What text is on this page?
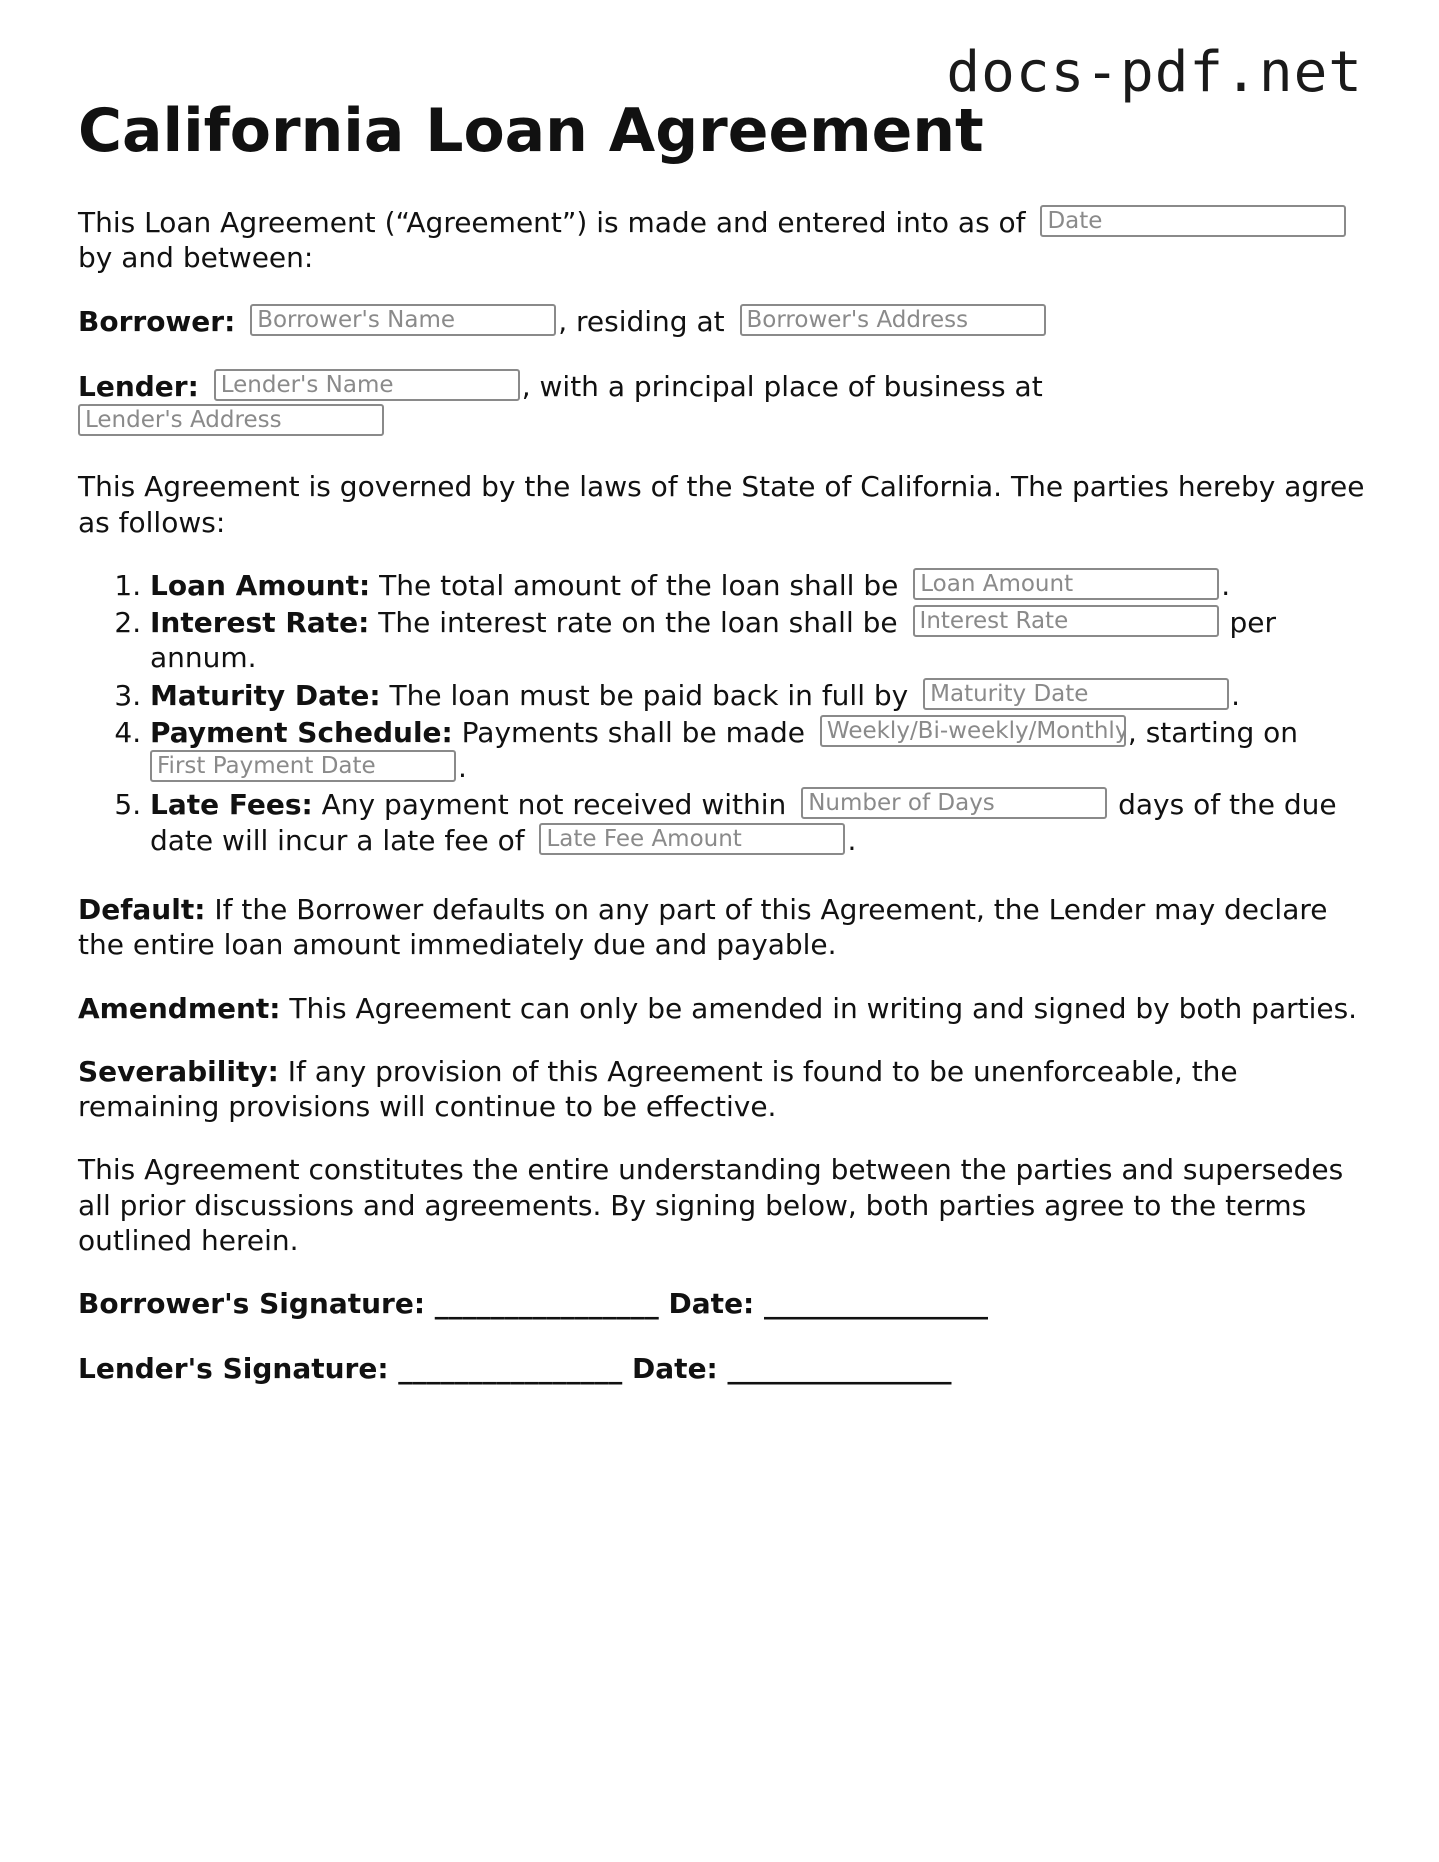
docs-pdf.net
California Loan Agreement

This Loan Agreement (“Agreement”) is made and entered into as of Date
by and between:

Borrower: Borrower's Name	, residing at Borrower's Address

Lender: Lender's Name	, with a principal place of business at
Lender's Address

This Agreement is governed by the laws of the State of California. The parties hereby agree as follows:

1. Loan Amount: The total amount of the loan shall be Loan Amount	.
2. Interest Rate: The interest rate on the loan shall be Interest Rate	per annum.
3. Maturity Date: The loan must be paid back in full by Maturity Date	.
4. Payment Schedule: Payments shall be made Weekly/Bi-weekly/Monthly	, starting on
First Payment Date.
5. Late Fees: Any payment not received within Number of Days	days of the due date will incur a late fee of Late Fee Amount	.

Default: If the Borrower defaults on any part of this Agreement, the Lender may declare the entire loan amount immediately due and payable.

Amendment: This Agreement can only be amended in writing and signed by both parties.

Severability: If any provision of this Agreement is found to be unenforceable, the remaining provisions will continue to be effective.

This Agreement constitutes the entire understanding between the parties and supersedes all prior discussions and agreements. By signing below, both parties agree to the terms outlined herein.

Borrower's Signature: ________________ Date: ________________
Lender's Signature: ________________ Date: ________________
